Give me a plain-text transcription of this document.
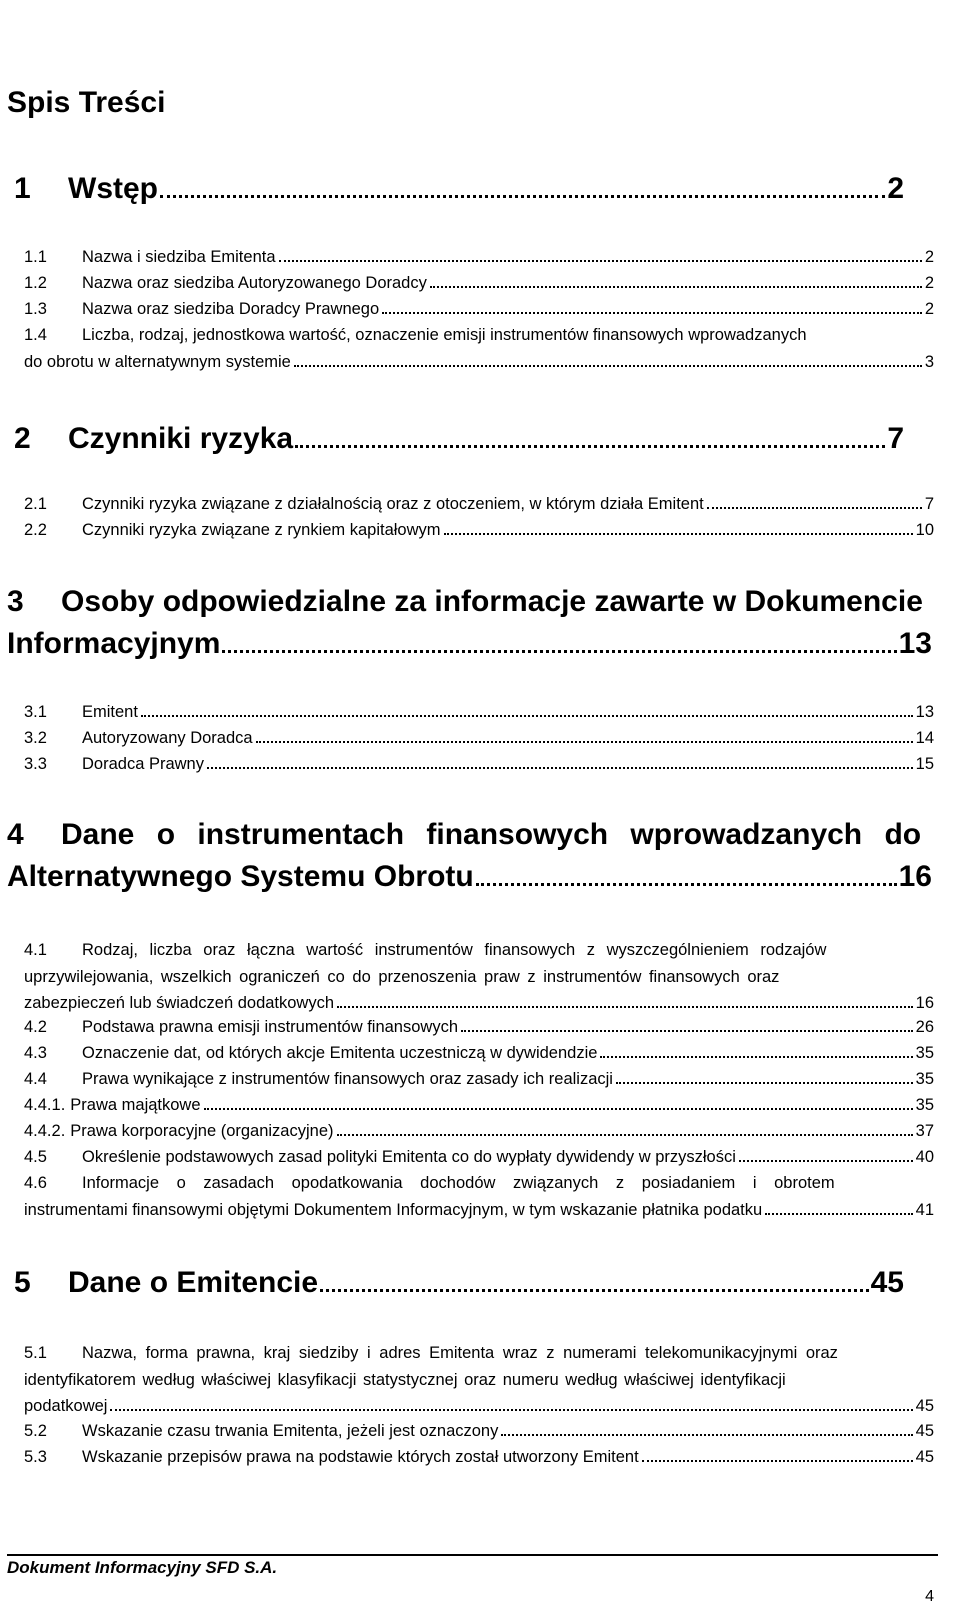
Spis Treści
1	Wstęp	2
1.1	Nazwa i siedziba Emitenta	2
1.2	Nazwa oraz siedziba Autoryzowanego Doradcy	2
1.3	Nazwa oraz siedziba Doradcy Prawnego	2
1.4	Liczba, rodzaj, jednostkowa wartość, oznaczenie emisji instrumentów finansowych wprowadzanych
do obrotu w alternatywnym systemie	3
2	Czynniki ryzyka	7
2.1	Czynniki ryzyka związane z działalnością oraz z otoczeniem, w którym działa Emitent	7
2.2	Czynniki ryzyka związane z rynkiem kapitałowym	10
3 Osoby odpowiedzialne za informacje zawarte w Dokumencie
Informacyjnym	13
3.1	Emitent	13
3.2	Autoryzowany Doradca	14
3.3	Doradca Prawny	15
4 Dane o instrumentach finansowych wprowadzanych do
Alternatywnego Systemu Obrotu	16
4.1 Rodzaj, liczba oraz łączna wartość instrumentów finansowych z wyszczególnieniem rodzajów
uprzywilejowania, wszelkich ograniczeń co do przenoszenia praw z instrumentów finansowych oraz
zabezpieczeń lub świadczeń dodatkowych	16
4.2	Podstawa prawna emisji instrumentów finansowych	26
4.3	Oznaczenie dat, od których akcje Emitenta uczestniczą w dywidendzie	35
4.4	Prawa wynikające z instrumentów finansowych oraz zasady ich realizacji	35
4.4.1. Prawa majątkowe	35
4.4.2. Prawa korporacyjne (organizacyjne)	37
4.5	Określenie podstawowych zasad polityki Emitenta co do wypłaty dywidendy w przyszłości	40
4.6 Informacje o zasadach opodatkowania dochodów związanych z posiadaniem i obrotem
instrumentami finansowymi objętymi Dokumentem Informacyjnym, w tym wskazanie płatnika podatku	41
5	Dane o Emitencie	45
5.1	Nazwa, forma prawna, kraj siedziby i adres Emitenta wraz z numerami telekomunikacyjnymi oraz
identyfikatorem według właściwej klasyfikacji statystycznej oraz numeru według właściwej identyfikacji
podatkowej	45
5.2	Wskazanie czasu trwania Emitenta, jeżeli jest oznaczony	45
5.3	Wskazanie przepisów prawa na podstawie których został utworzony Emitent	45
Dokument Informacyjny SFD S.A.
4
